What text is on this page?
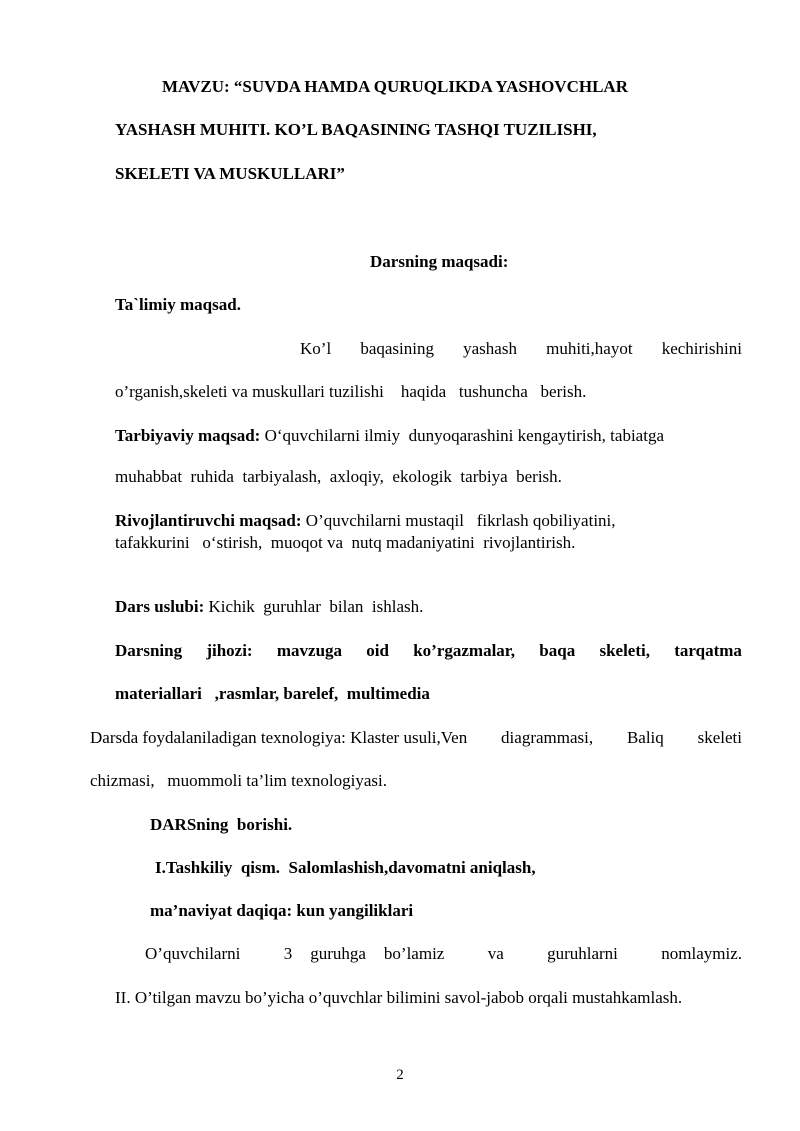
MAVZU: “SUVDA HAMDA QURUQLIKDA YASHOVCHLAR
YASHASH MUHITI. KO’L BAQASINING TASHQI TUZILISHI,
SKELETI VA MUSKULLARI”
Darsning maqsadi:
Ta`limiy maqsad.
Ko’l baqasining yashash muhiti,hayot kechirishini
o’rganish,skeleti va muskullari tuzilishi    haqida   tushuncha   berish.
Tarbiyaviy maqsad: O‘quvchilarni ilmiy  dunyoqarashini kengaytirish, tabiatga
muhabbat  ruhida  tarbiyalash,  axloqiy,  ekologik  tarbiya  berish.
Rivojlantiruvchi maqsad: O’quvchilarni mustaqil   fikrlash qobiliyatini,
tafakkurini   o‘stirish,  muoqot va  nutq madaniyatini  rivojlantirish.
Dars uslubi: Kichik  guruhlar  bilan  ishlash.
Darsning jihozi: mavzuga oid ko’rgazmalar, baqa skeleti, tarqatma
materiallari   ,rasmlar, barelef,  multimedia
Darsda foydalaniladigan texnologiya: Klaster usuli,Ven diagrammasi, Baliq skeleti
chizmasi,   muommoli ta’lim texnologiyasi.
DARSning  borishi.
I.Tashkiliy  qism.  Salomlashish,davomatni aniqlash,
ma’naviyat daqiqa: kun yangiliklari
O’quvchilarni	3 guruhga bo’lamiz	va	guruhlarni	nomlaymiz.
II. O’tilgan mavzu bo’yicha o’quvchlar bilimini savol-jabob orqali mustahkamlash.
2
